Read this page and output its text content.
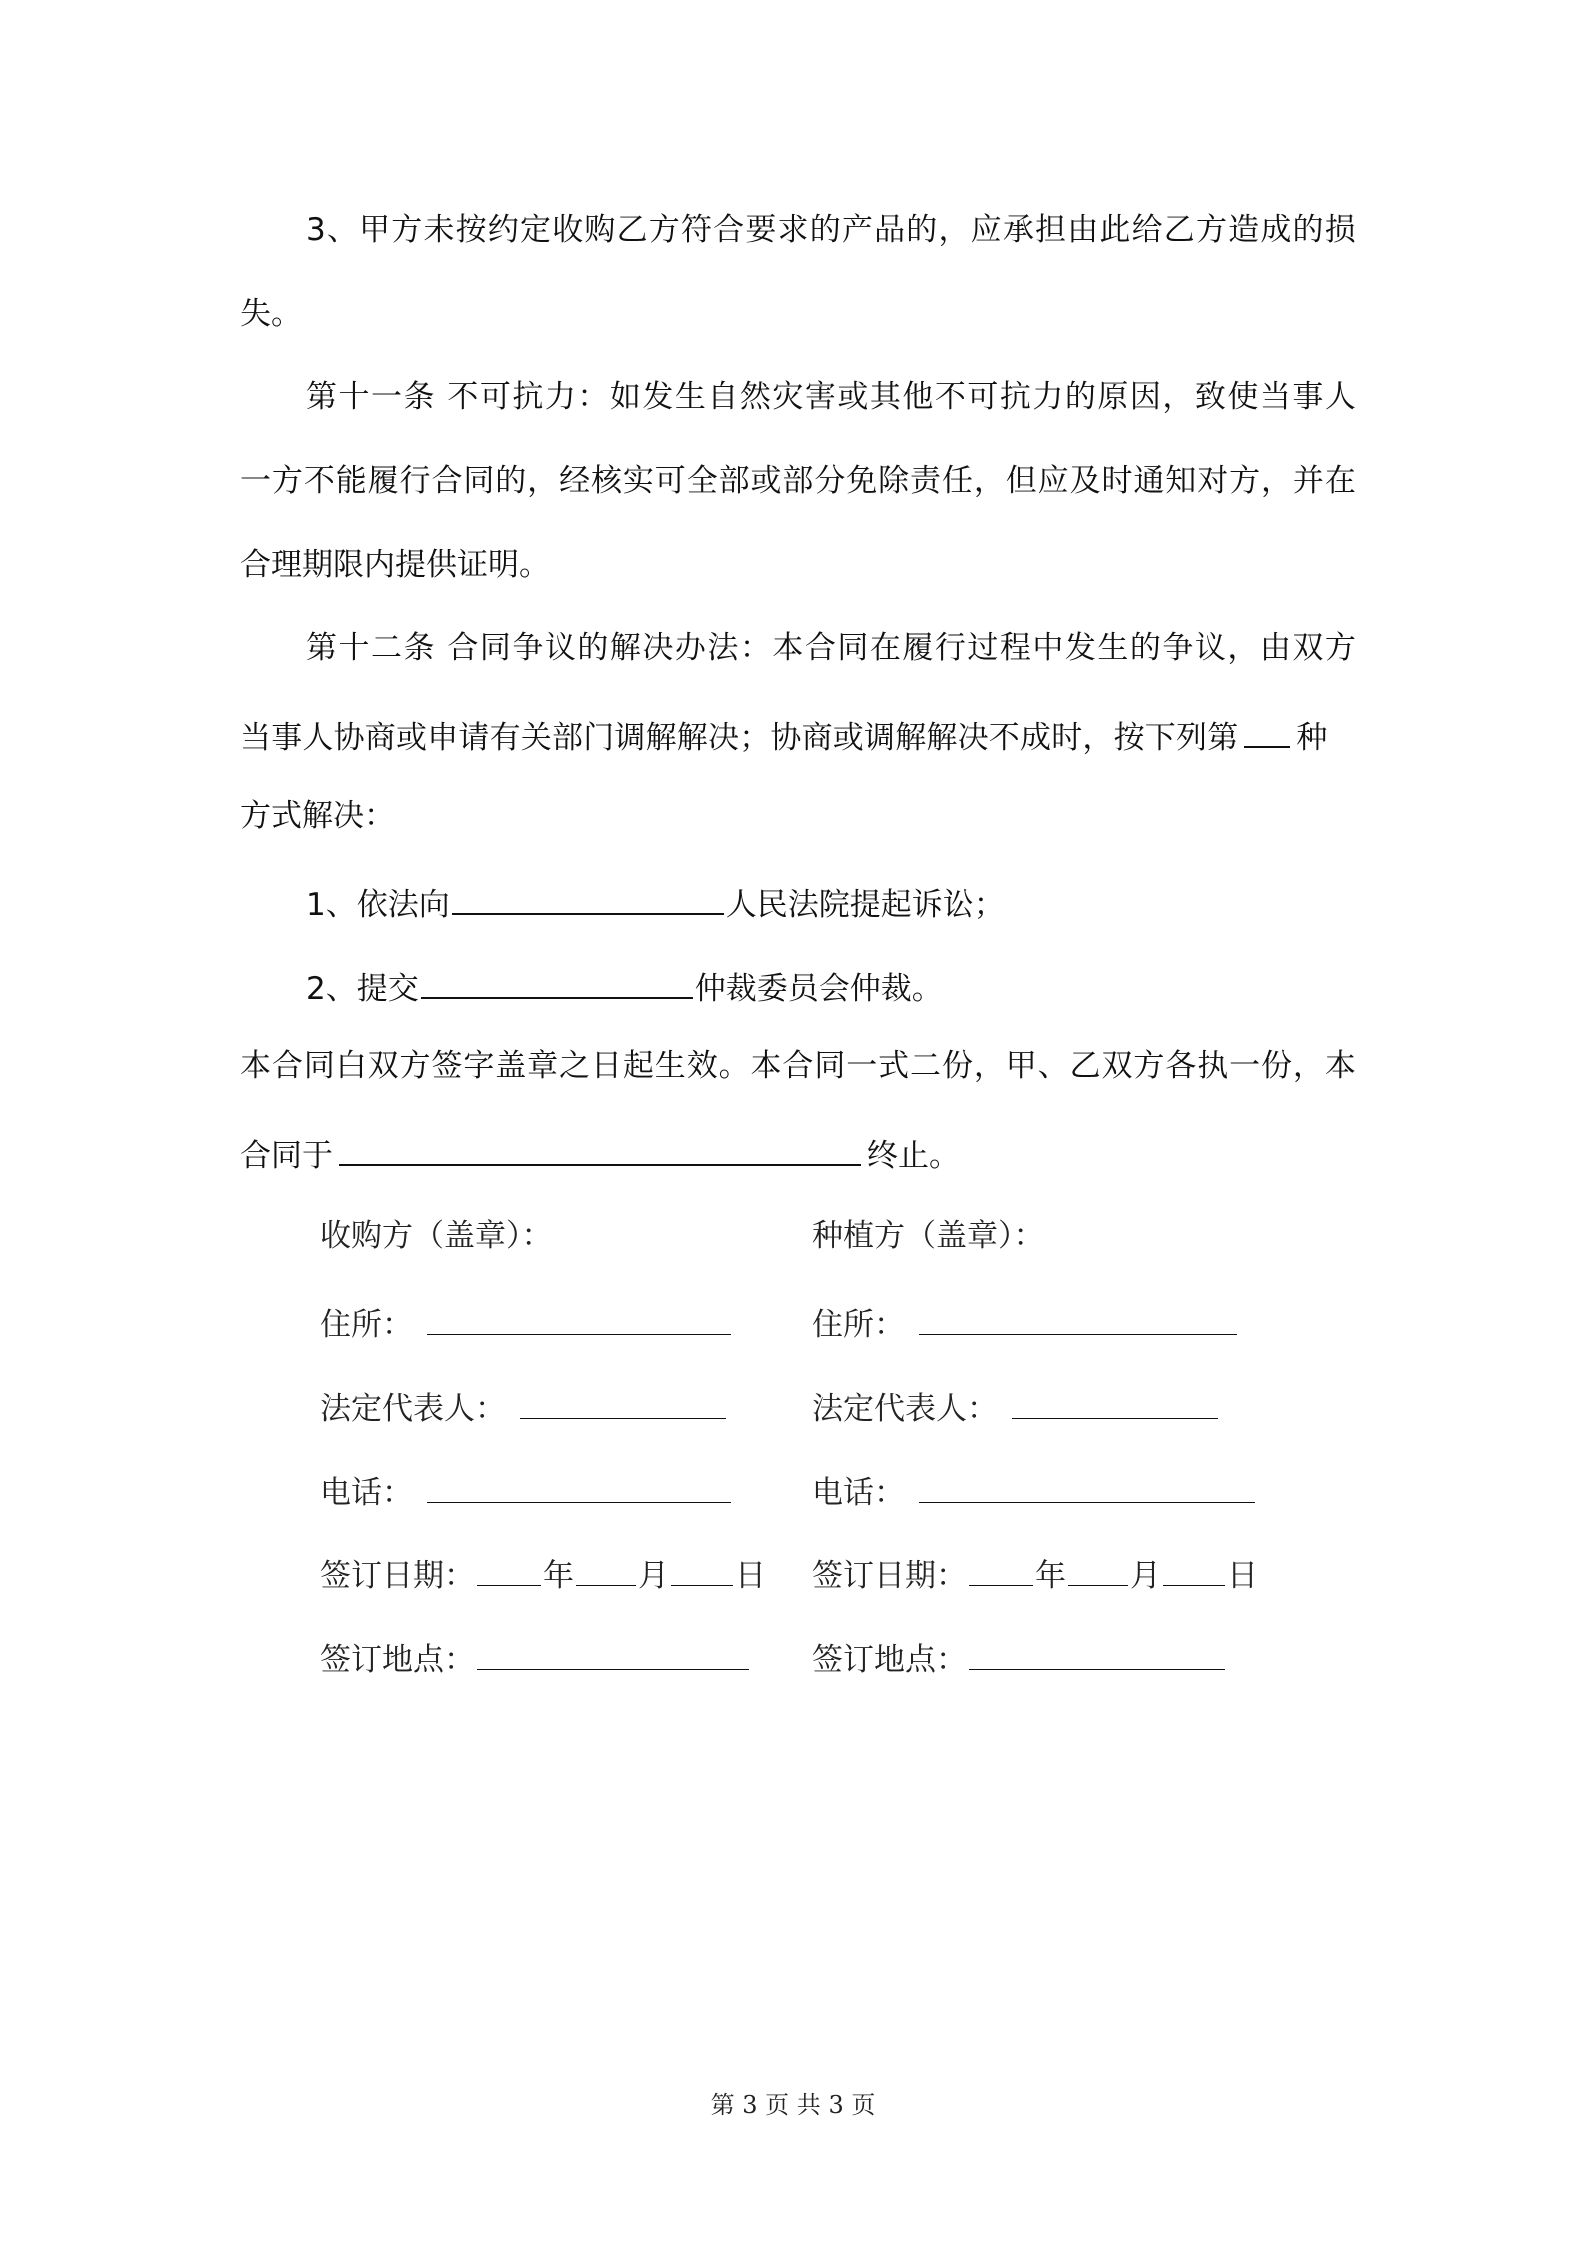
3 、 甲 方 未 按 约 定 收 购 乙 方 符 合 要 求 的 产 品 的 ， 应 承 担 由 此 给 乙 方 造 成 的 损
失。
第 十 一 条
不 可 抗 力 ： 如 发 生 自 然 灾 害 或 其 他 不 可 抗 力 的 原 因 ， 致 使 当 事 人
一 方 不 能 履 行 合 同 的 ， 经 核 实 可 全 部 或 部 分 免 除 责 任 ， 但 应 及 时 通 知 对 方 ， 并 在
合理期限内提供证明。
第 十 二 条
合 同 争 议 的 解 决 办 法 ： 本 合 同 在 履 行 过 程 中 发 生 的 争 议 ， 由 双 方
当事人协商或申请有关部门调解解决；协商或调解解决不成时，按下列第 种
方式解决：
1、依法向	人民法院提起诉讼；
2、提交	仲裁委员会仲裁。
本 合 同 白 双 方 签 字 盖 章 之 日 起 生 效 。 本 合 同 一 式 二 份 ， 甲 、 乙 双 方 各 执 一 份 ， 本
合同于	终止。
收购方（盖章）：
住所：
法定代表人：
电话：
签订日期： 年 月 日
签订地点：
种植方（盖章）：
住所：
法定代表人：
电话：
签订日期： 年 月 日
签订地点：
第 3 页 共 3 页
